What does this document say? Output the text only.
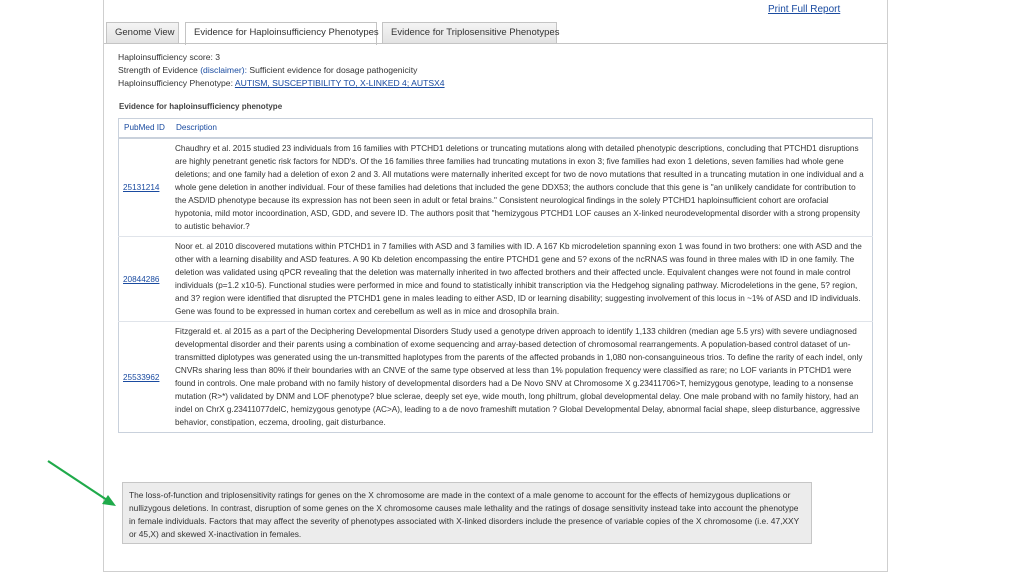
Print Full Report
Genome View	Evidence for Haploinsufficiency Phenotypes	Evidence for Triplosensitive Phenotypes
Haploinsufficiency score: 3
Strength of Evidence (disclaimer): Sufficient evidence for dosage pathogenicity
Haploinsufficiency Phenotype: AUTISM, SUSCEPTIBILITY TO, X-LINKED 4; AUTSX4
Evidence for haploinsufficiency phenotype
PubMed ID	Description
25131214	Chaudhry et al. 2015 studied 23 individuals from 16 families with PTCHD1 deletions or truncating mutations along with detailed phenotypic descriptions, concluding that PTCHD1 disruptions are highly penetrant genetic risk factors for NDD's. Of the 16 families three families had truncating mutations in exon 3; five families had exon 1 deletions, seven families had whole gene deletions; and one family had a deletion of exon 2 and 3. All mutations were maternally inherited except for two de novo mutations that resulted in a truncating mutation in one individual and a whole gene deletion in another individual. Four of these families had deletions that included the gene DDX53; the authors conclude that this gene is "an unlikely candidate for contribution to the ASD/ID phenotype because its expression has not been seen in adult or fetal brains." Consistent neurological findings in the solely PTCHD1 haploinsufficient cohort are orofacial hypotonia, mild motor incoordination, ASD, GDD, and severe ID. The authors posit that "hemizygous PTCHD1 LOF causes an X-linked neurodevelopmental disorder with a strong propensity to autistic behavior.?
20844286	Noor et. al 2010 discovered mutations within PTCHD1 in 7 families with ASD and 3 families with ID. A 167 Kb microdeletion spanning exon 1 was found in two brothers: one with ASD and the other with a learning disability and ASD features. A 90 Kb deletion encompassing the entire PTCHD1 gene and 5? exons of the ncRNAS was found in three males with ID in one family. The deletion was validated using qPCR revealing that the deletion was maternally inherited in two affected brothers and their affected uncle. Equivalent changes were not found in male control individuals (p=1.2 x10-5). Functional studies were performed in mice and found to statistically inhibit transcription via the Hedgehog signaling pathway. Microdeletions in the gene, 5? region, and 3? region were identified that disrupted the PTCHD1 gene in males leading to either ASD, ID or learning disability; suggesting involvement of this locus in ~1% of ASD and ID individuals. Gene was found to be expressed in human cortex and cerebellum as well as in mice and drosophila brain.
25533962	Fitzgerald et. al 2015 as a part of the Deciphering Developmental Disorders Study used a genotype driven approach to identify 1,133 children (median age 5.5 yrs) with severe undiagnosed developmental disorder and their parents using a combination of exome sequencing and array-based detection of chromosomal rearrangements. A population-based control dataset of un-transmitted diplotypes was generated using the un-transmitted haplotypes from the parents of the affected probands in 1,080 non-consanguineous trios. To define the rarity of each indel, only CNVRs sharing less than 80% if their boundaries with an CNVE of the same type observed at less than 1% population frequency were classified as rare; no LOF variants in PTCHD1 were found in controls. One male proband with no family history of developmental disorders had a De Novo SNV at Chromosome X g.23411706>T, hemizygous genotype, leading to a nonsense mutation (R>*) validated by DNM and LOF phenotype? blue sclerae, deeply set eye, wide mouth, long philtrum, global developmental delay. One male proband with no family history, had an indel on ChrX g.23411077delC, hemizygous genotype (AC>A), leading to a de novo frameshift mutation ? Global Developmental Delay, abnormal facial shape, sleep disturbance, aggressive behavior, constipation, eczema, drooling, gait disturbance.
The loss-of-function and triplosensitivity ratings for genes on the X chromosome are made in the context of a male genome to account for the effects of hemizygous duplications or nullizygous deletions. In contrast, disruption of some genes on the X chromosome causes male lethality and the ratings of dosage sensitivity instead take into account the phenotype in female individuals. Factors that may affect the severity of phenotypes associated with X-linked disorders include the presence of variable copies of the X chromosome (i.e. 47,XXY or 45,X) and skewed X-inactivation in females.
